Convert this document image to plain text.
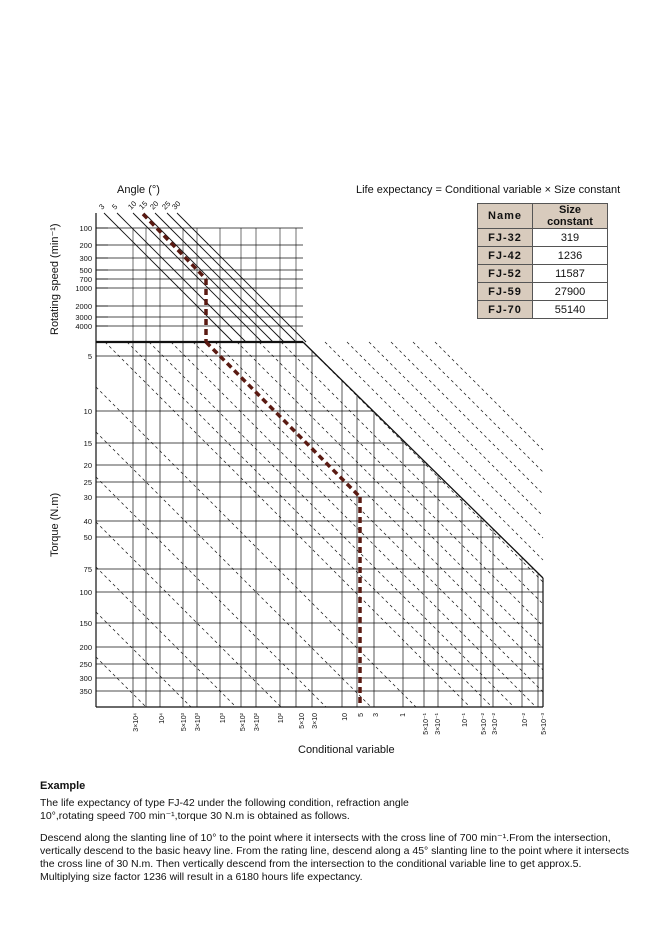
Angle (°)	Life expectancy = Conditional variable × Size constant
100
200
300
500
700
1000
2000
3000
4000
3 5 10
15
20 25
30
5
10
15
20
25
30
40
50
75
100
150
200
250
300
350
3×10⁴	10⁴ 5×10³ 3×10³	10³ 5×10² 3×10² 10² 5×10 3×10	10 5 3	1 5×10⁻¹ 3×10⁻¹	10⁻¹ 5×10⁻² 3×10⁻²	10⁻² 5×10⁻³
Rotating speed (min⁻¹)
Torque (N.m)
Name	Size constant
FJ-32	319
FJ-42	1236
FJ-52	11587
FJ-59	27900
FJ-70	55140
Conditional variable
Example
The life expectancy of type FJ-42 under the following condition, refraction angle 10°,rotating speed 700 min⁻¹,torque 30 N.m is obtained as follows.
Descend along the slanting line of 10° to the point where it intersects with the cross line of 700 min⁻¹.From the intersection, vertically descend to the basic heavy line. From the rating line, descend along a 45° slanting line to the point where it intersects the cross line of 30 N.m. Then vertically descend from the intersection to the conditional variable line to get approx.5. Multiplying size factor 1236 will result in a 6180 hours life expectancy.
